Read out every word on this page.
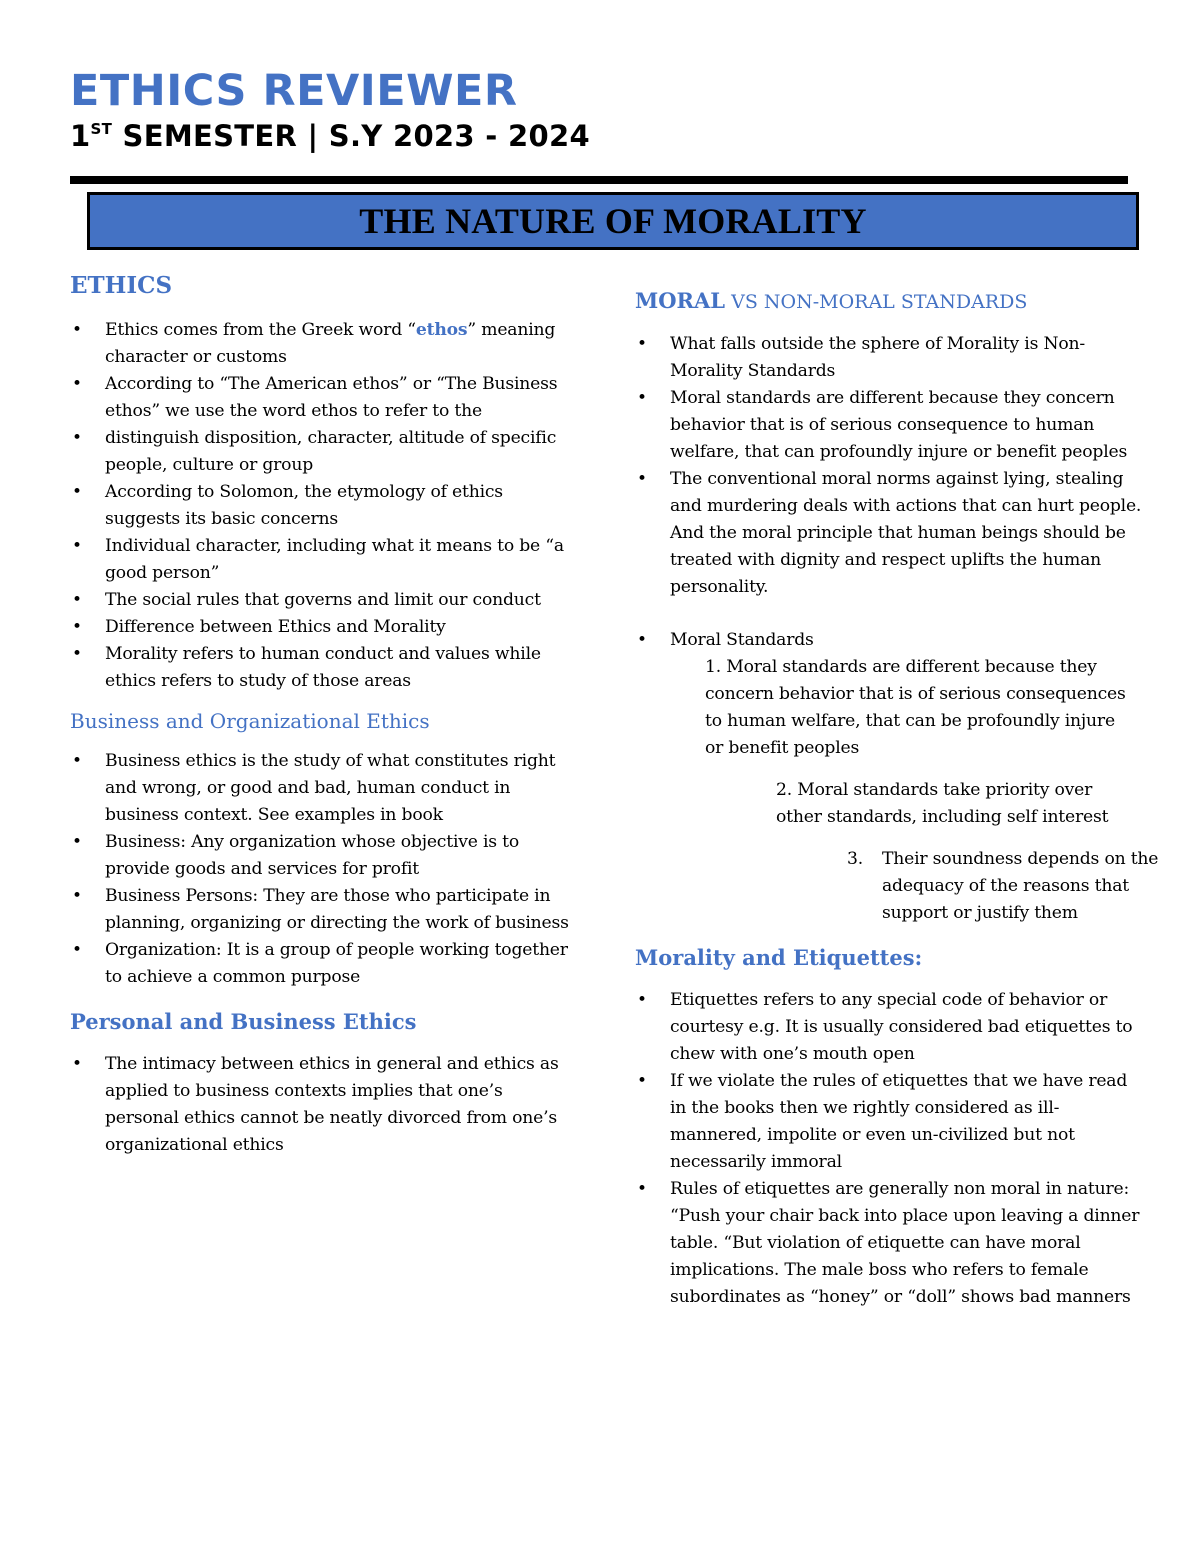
ETHICS REVIEWER
1ST SEMESTER | S.Y 2023 - 2024
THE NATURE OF MORALITY
ETHICS
• Ethics comes from the Greek word “ethos” meaning character or customs
• According to “The American ethos” or “The Business ethos” we use the word ethos to refer to the
• distinguish disposition, character, altitude of specific people, culture or group
• According to Solomon, the etymology of ethics suggests its basic concerns
• Individual character, including what it means to be “a good person”
• The social rules that governs and limit our conduct
• Difference between Ethics and Morality
• Morality refers to human conduct and values while ethics refers to study of those areas
Business and Organizational Ethics
• Business ethics is the study of what constitutes right and wrong, or good and bad, human conduct in business context. See examples in book
• Business: Any organization whose objective is to provide goods and services for profit
• Business Persons: They are those who participate in planning, organizing or directing the work of business
• Organization: It is a group of people working together to achieve a common purpose
Personal and Business Ethics
• The intimacy between ethics in general and ethics as applied to business contexts implies that one’s personal ethics cannot be neatly divorced from one’s organizational ethics
MORAL VS NON-MORAL STANDARDS
• What falls outside the sphere of Morality is Non-Morality Standards
• Moral standards are different because they concern behavior that is of serious consequence to human welfare, that can profoundly injure or benefit peoples
• The conventional moral norms against lying, stealing and murdering deals with actions that can hurt people. And the moral principle that human beings should be treated with dignity and respect uplifts the human personality.
• Moral Standards
1. Moral standards are different because they concern behavior that is of serious consequences to human welfare, that can be profoundly injure or benefit peoples
2. Moral standards take priority over other standards, including self interest
3. Their soundness depends on the adequacy of the reasons that support or justify them
Morality and Etiquettes:
• Etiquettes refers to any special code of behavior or courtesy e.g. It is usually considered bad etiquettes to chew with one’s mouth open
• If we violate the rules of etiquettes that we have read in the books then we rightly considered as ill-mannered, impolite or even un-civilized but not necessarily immoral
• Rules of etiquettes are generally non moral in nature: “Push your chair back into place upon leaving a dinner table. “But violation of etiquette can have moral implications. The male boss who refers to female subordinates as “honey” or “doll” shows bad manners
